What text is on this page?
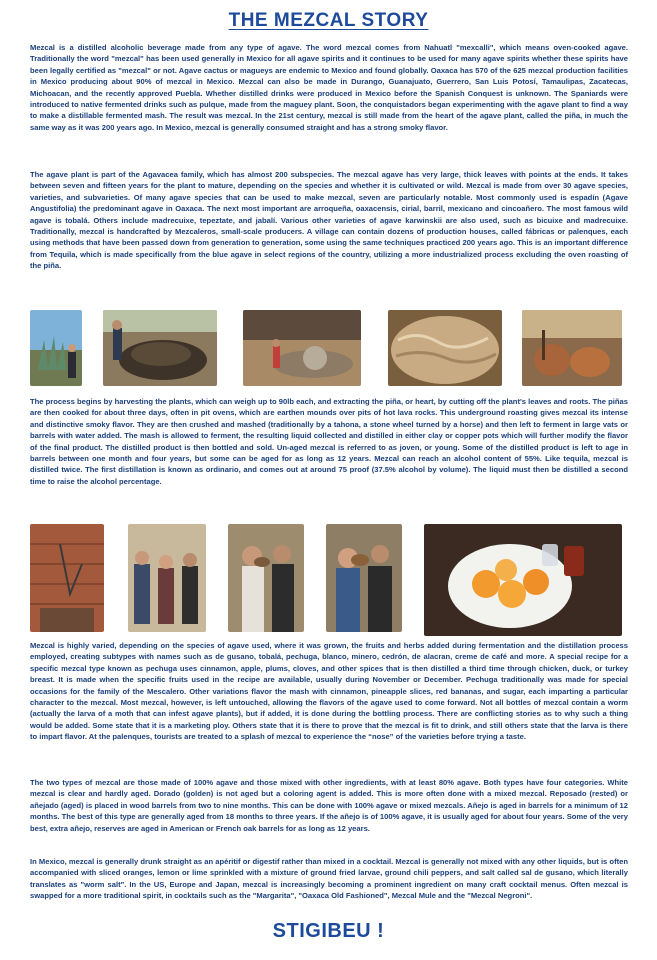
THE MEZCAL STORY

Mezcal is a distilled alcoholic beverage made from any type of agave. The word mezcal comes from Nahuatl "mexcalli", which means oven-cooked agave. Traditionally the word "mezcal" has been used generally in Mexico for all agave spirits and it continues to be used for many agave spirits whether these spirits have been legally certified as "mezcal" or not. Agave cactus or magueys are endemic to Mexico and found globally. Oaxaca has 570 of the 625 mezcal production facilities in Mexico producing about 90% of mezcal in Mexico. Mezcal can also be made in Durango, Guanajuato, Guerrero, San Luis Potosí, Tamaulipas, Zacatecas, Michoacan, and the recently approved Puebla. Whether distilled drinks were produced in Mexico before the Spanish Conquest is unknown. The Spaniards were introduced to native fermented drinks such as pulque, made from the maguey plant. Soon, the conquistadors began experimenting with the agave plant to find a way to make a distillable fermented mash. The result was mezcal. In the 21st century, mezcal is still made from the heart of the agave plant, called the piña, in much the same way as it was 200 years ago. In Mexico, mezcal is generally consumed straight and has a strong smoky flavor.

The agave plant is part of the Agavacea family, which has almost 200 subspecies. The mezcal agave has very large, thick leaves with points at the ends. It takes between seven and fifteen years for the plant to mature, depending on the species and whether it is cultivated or wild. Mezcal is made from over 30 agave species, varieties, and subvarieties. Of many agave species that can be used to make mezcal, seven are particularly notable. Most commonly used is espadín (Agave Angustifolia) the predominant agave in Oaxaca. The next most important are arroqueña, oaxacensis, cirial, barril, mexicano and cincoañero. The most famous wild agave is tobalá. Others include madrecuixe, tepeztate, and jabalí. Various other varieties of agave karwinskii are also used, such as bicuixe and madrecuixe. Traditionally, mezcal is handcrafted by Mezcaleros, small-scale producers. A village can contain dozens of production houses, called fábricas or palenques, each using methods that have been passed down from generation to generation, some using the same techniques practiced 200 years ago. This is an important difference from Tequila, which is made specifically from the blue agave in select regions of the country, utilizing a more industrialized process excluding the oven roasting of the piña.

The process begins by harvesting the plants, which can weigh up to 90lb each, and extracting the piña, or heart, by cutting off the plant's leaves and roots. The piñas are then cooked for about three days, often in pit ovens, which are earthen mounds over pits of hot lava rocks. This underground roasting gives mezcal its intense and distinctive smoky flavor. They are then crushed and mashed (traditionally by a tahona, a stone wheel turned by a horse) and then left to ferment in large vats or barrels with water added. The mash is allowed to ferment, the resulting liquid collected and distilled in either clay or copper pots which will further modify the flavor of the final product. The distilled product is then bottled and sold. Un-aged mezcal is referred to as joven, or young. Some of the distilled product is left to age in barrels between one month and four years, but some can be aged for as long as 12 years. Mezcal can reach an alcohol content of 55%. Like tequila, mezcal is distilled twice. The first distillation is known as ordinario, and comes out at around 75 proof (37.5% alcohol by volume). The liquid must then be distilled a second time to raise the alcohol percentage.

Mezcal is highly varied, depending on the species of agave used, where it was grown, the fruits and herbs added during fermentation and the distillation process employed, creating subtypes with names such as de gusano, tobalá, pechuga, blanco, minero, cedrón, de alacran, creme de café and more. A special recipe for a specific mezcal type known as pechuga uses cinnamon, apple, plums, cloves, and other spices that is then distilled a third time through chicken, duck, or turkey breast. It is made when the specific fruits used in the recipe are available, usually during November or December. Pechuga traditionally was made for special occasions for the family of the Mescalero. Other variations flavor the mash with cinnamon, pineapple slices, red bananas, and sugar, each imparting a particular character to the mezcal. Most mezcal, however, is left untouched, allowing the flavors of the agave used to come forward. Not all bottles of mezcal contain a worm (actually the larva of a moth that can infest agave plants), but if added, it is done during the bottling process. There are conflicting stories as to why such a thing would be added. Some state that it is a marketing ploy. Others state that it is there to prove that the mezcal is fit to drink, and still others state that the larva is there to impart flavor. At the palenques, tourists are treated to a splash of mezcal to experience the “nose” of the varieties before trying a taste.

The two types of mezcal are those made of 100% agave and those mixed with other ingredients, with at least 80% agave. Both types have four categories. White mezcal is clear and hardly aged. Dorado (golden) is not aged but a coloring agent is added. This is more often done with a mixed mezcal. Reposado (rested) or añejado (aged) is placed in wood barrels from two to nine months. This can be done with 100% agave or mixed mezcals. Añejo is aged in barrels for a minimum of 12 months. The best of this type are generally aged from 18 months to three years. If the añejo is of 100% agave, it is usually aged for about four years. Some of the very best, extra añejo, reserves are aged in American or French oak barrels for as long as 12 years.

In Mexico, mezcal is generally drunk straight as an apéritif or digestif rather than mixed in a cocktail. Mezcal is generally not mixed with any other liquids, but is often accompanied with sliced oranges, lemon or lime sprinkled with a mixture of ground fried larvae, ground chili peppers, and salt called sal de gusano, which literally translates as "worm salt". In the US, Europe and Japan, mezcal is increasingly becoming a prominent ingredient on many craft cocktail menus. Often mezcal is swapped for a more traditional spirit, in cocktails such as the "Margarita", "Oaxaca Old Fashioned", Mezcal Mule and the "Mezcal Negroni".

STIGIBEU !
